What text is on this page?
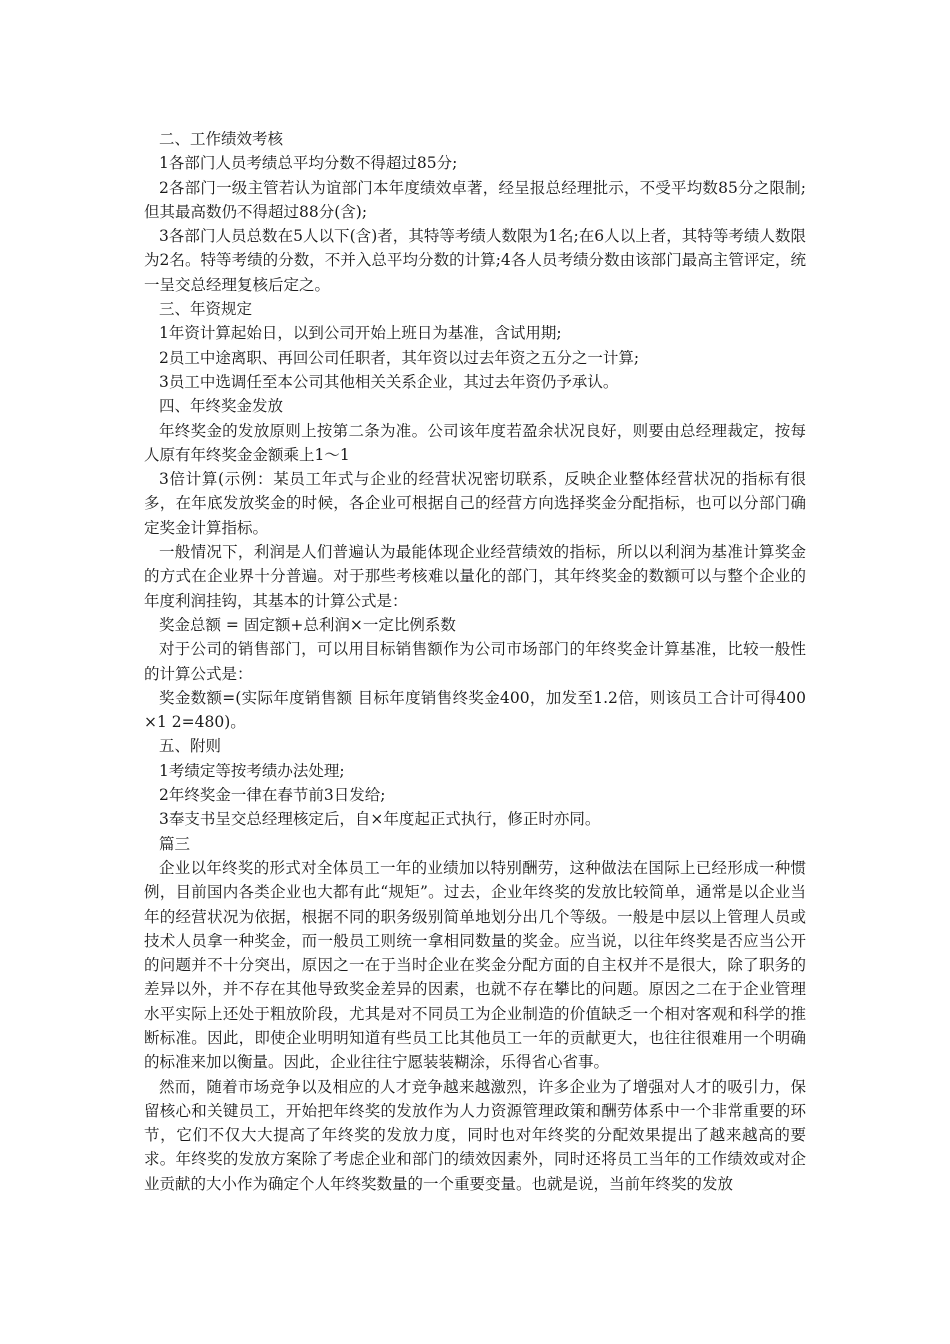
二、工作绩效考核

1各部门人员考绩总平均分数不得超过85分;

2各部门一级主管若认为谊部门本年度绩效卓著，经呈报总经理批示，不受平均数85分之限制;但其最高数仍不得超过88分(含);

3各部门人员总数在5人以下(含)者，其特等考绩人数限为1名;在6人以上者，其特等考绩人数限为2名。特等考绩的分数，不并入总平均分数的计算;4各人员考绩分数由该部门最高主管评定，统一呈交总经理复核后定之。

三、年资规定

1年资计算起始日，以到公司开始上班日为基准，含试用期;

2员工中途离职、再回公司任职者，其年资以过去年资之五分之一计算;

3员工中选调任至本公司其他相关关系企业，其过去年资仍予承认。

四、年终奖金发放

年终奖金的发放原则上按第二条为准。公司该年度若盈余状况良好，则要由总经理裁定，按每人原有年终奖金金额乘上1～1

3倍计算(示例：某员工年式与企业的经营状况密切联系，反映企业整体经营状况的指标有很多，在年底发放奖金的时候，各企业可根据自己的经营方向选择奖金分配指标，也可以分部门确定奖金计算指标。

一般情况下，利润是人们普遍认为最能体现企业经营绩效的指标，所以以利润为基准计算奖金的方式在企业界十分普遍。对于那些考核难以量化的部门，其年终奖金的数额可以与整个企业的年度利润挂钩，其基本的计算公式是：

奖金总额 = 固定额+总利润×一定比例系数

对于公司的销售部门，可以用目标销售额作为公司市场部门的年终奖金计算基准，比较一般性的计算公式是：

奖金数额=(实际年度销售额 目标年度销售终奖金400，加发至1.2倍，则该员工合计可得400×1 2=480)。

五、附则

1考绩定等按考绩办法处理;

2年终奖金一律在春节前3日发给;

3奉支书呈交总经理核定后，自×年度起正式执行，修正时亦同。

篇三

企业以年终奖的形式对全体员工一年的业绩加以特别酬劳，这种做法在国际上已经形成一种惯例，目前国内各类企业也大都有此“规矩”。过去，企业年终奖的发放比较简单，通常是以企业当年的经营状况为依据，根据不同的职务级别简单地划分出几个等级。一般是中层以上管理人员或技术人员拿一种奖金，而一般员工则统一拿相同数量的奖金。应当说，以往年终奖是否应当公开的问题并不十分突出，原因之一在于当时企业在奖金分配方面的自主权并不是很大，除了职务的差异以外，并不存在其他导致奖金差异的因素，也就不存在攀比的问题。原因之二在于企业管理水平实际上还处于粗放阶段，尤其是对不同员工为企业制造的价值缺乏一个相对客观和科学的推断标准。因此，即使企业明明知道有些员工比其他员工一年的贡献更大，也往往很难用一个明确的标准来加以衡量。因此，企业往往宁愿装装糊涂，乐得省心省事。

然而，随着市场竞争以及相应的人才竞争越来越激烈，许多企业为了增强对人才的吸引力，保留核心和关键员工，开始把年终奖的发放作为人力资源管理政策和酬劳体系中一个非常重要的环节，它们不仅大大提高了年终奖的发放力度，同时也对年终奖的分配效果提出了越来越高的要求。年终奖的发放方案除了考虑企业和部门的绩效因素外，同时还将员工当年的工作绩效或对企业贡献的大小作为确定个人年终奖数量的一个重要变量。也就是说，当前年终奖的发放
